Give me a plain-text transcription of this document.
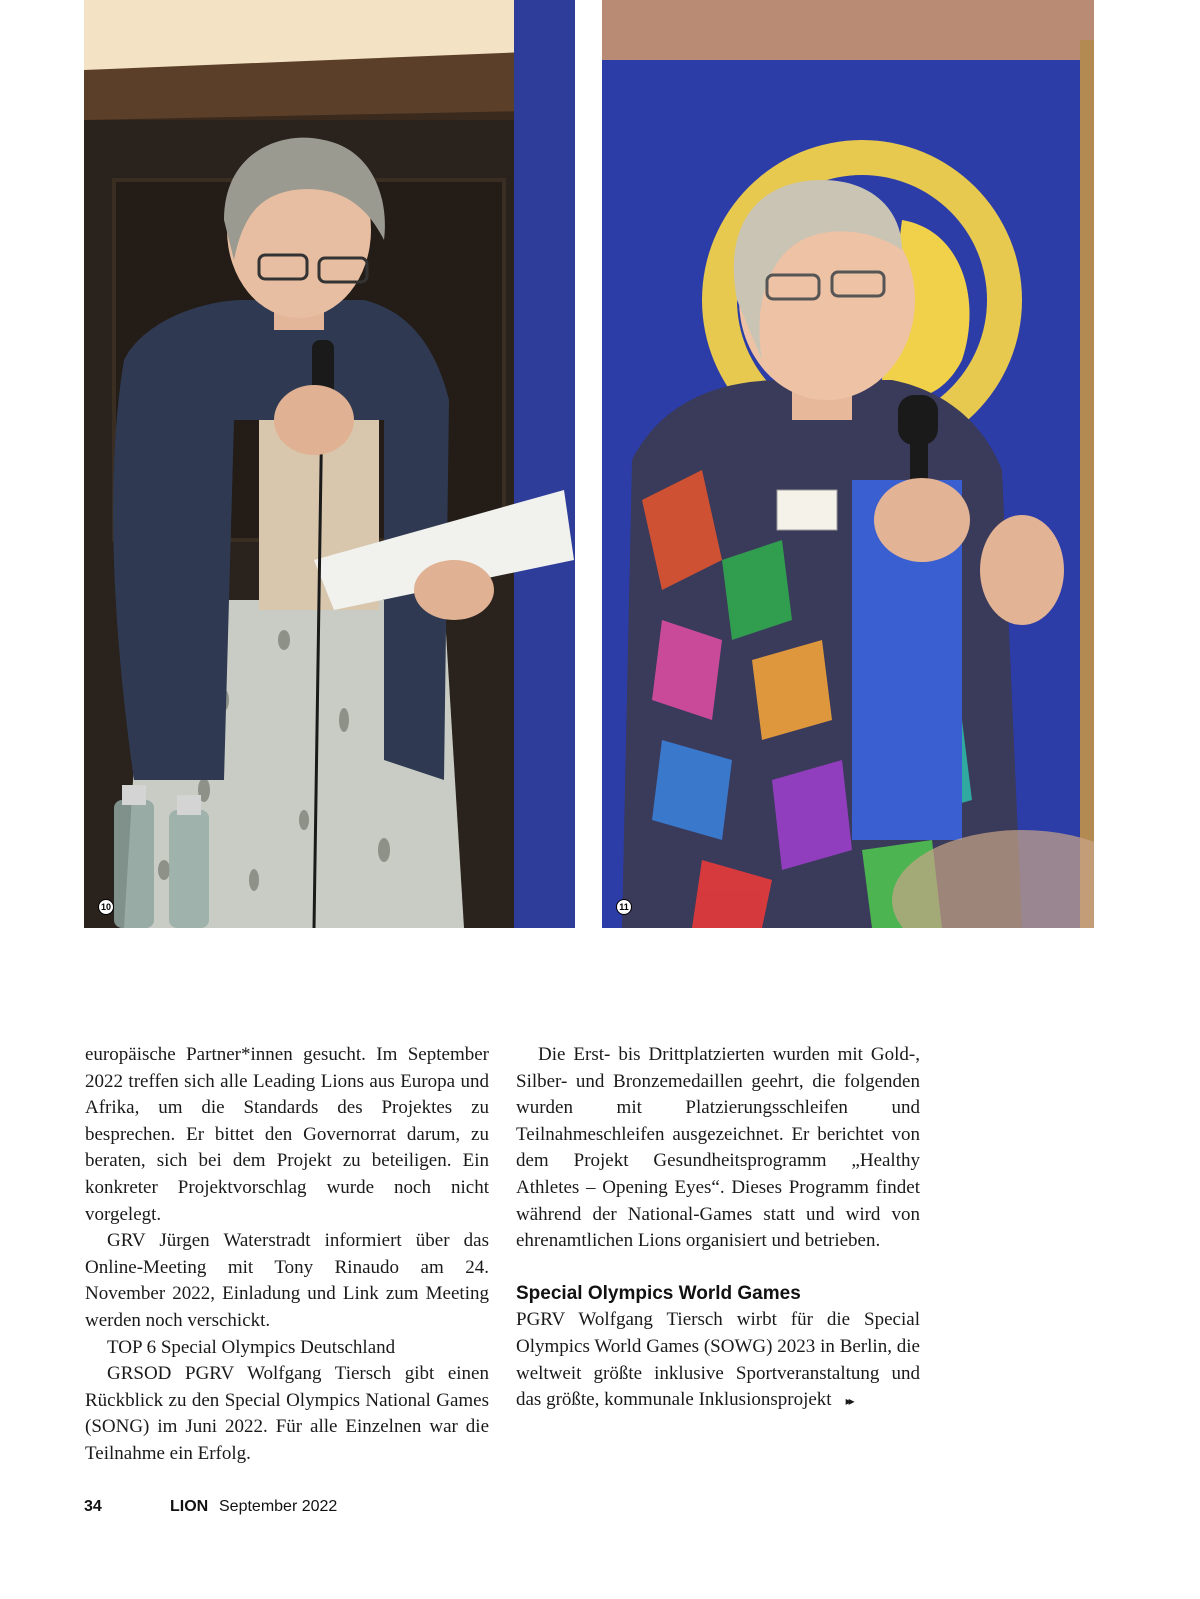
10	11

europäische Partner*innen gesucht. Im September 2022 treffen sich alle Leading Lions aus Europa und Afrika, um die Standards des Projektes zu besprechen. Er bittet den Governorrat darum, zu beraten, sich bei dem Projekt zu beteiligen. Ein konkreter Projektvorschlag wurde noch nicht vorgelegt.

GRV Jürgen Waterstradt informiert über das Online-Meeting mit Tony Rinaudo am 24. November 2022, Einladung und Link zum Meeting werden noch verschickt.

TOP 6 Special Olympics Deutschland

GRSOD PGRV Wolfgang Tiersch gibt einen Rückblick zu den Special Olympics National Games (SONG) im Juni 2022. Für alle Einzelnen war die Teilnahme ein Erfolg.

Die Erst- bis Drittplatzierten wurden mit Gold-, Silber- und Bronzemedaillen geehrt, die folgenden wurden mit Platzierungsschleifen und Teilnahmeschleifen ausgezeichnet. Er berichtet von dem Projekt Gesundheitsprogramm „Healthy Athletes – Opening Eyes“. Dieses Programm findet während der National-Games statt und wird von ehrenamtlichen Lions organisiert und betrieben.

Special Olympics World Games

PGRV Wolfgang Tiersch wirbt für die Special Olympics World Games (SOWG) 2023 in Berlin, die weltweit größte inklusive Sportveranstaltung und das größte, kommunale Inklusionsprojekt ▸▸

34	LION September 2022
